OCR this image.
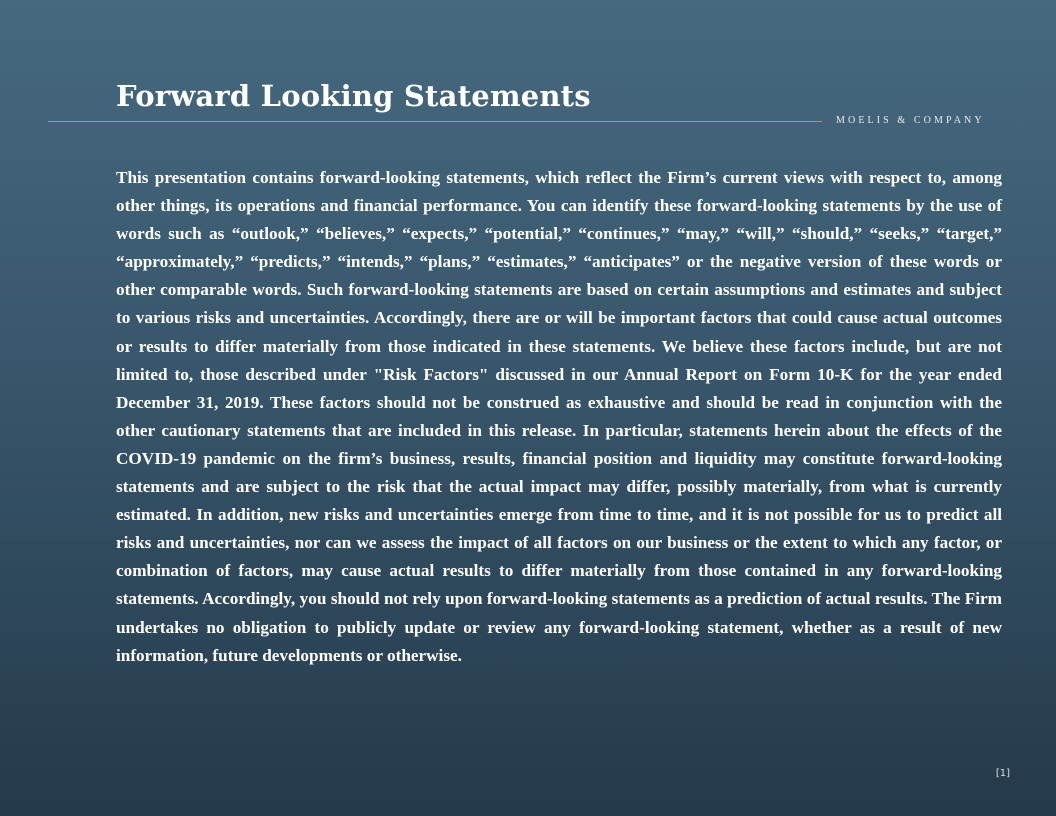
Forward Looking Statements
MOELIS & COMPANY

This presentation contains forward-looking statements, which reflect the Firm’s current views with respect to, among other things, its operations and financial performance. You can identify these forward-looking statements by the use of words such as “outlook,” “believes,” “expects,” “potential,” “continues,” “may,” “will,” “should,” “seeks,” “target,” “approximately,” “predicts,” “intends,” “plans,” “estimates,” “anticipates” or the negative version of these words or other comparable words. Such forward-looking statements are based on certain assumptions and estimates and subject to various risks and uncertainties. Accordingly, there are or will be important factors that could cause actual outcomes or results to differ materially from those indicated in these statements. We believe these factors include, but are not limited to, those described under "Risk Factors" discussed in our Annual Report on Form 10-K for the year ended December 31, 2019. These factors should not be construed as exhaustive and should be read in conjunction with the other cautionary statements that are included in this release. In particular, statements herein about the effects of the COVID-19 pandemic on the firm’s business, results, financial position and liquidity may constitute forward-looking statements and are subject to the risk that the actual impact may differ, possibly materially, from what is currently estimated. In addition, new risks and uncertainties emerge from time to time, and it is not possible for us to predict all risks and uncertainties, nor can we assess the impact of all factors on our business or the extent to which any factor, or combination of factors, may cause actual results to differ materially from those contained in any forward-looking statements. Accordingly, you should not rely upon forward-looking statements as a prediction of actual results. The Firm undertakes no obligation to publicly update or review any forward-looking statement, whether as a result of new information, future developments or otherwise.

[1]
